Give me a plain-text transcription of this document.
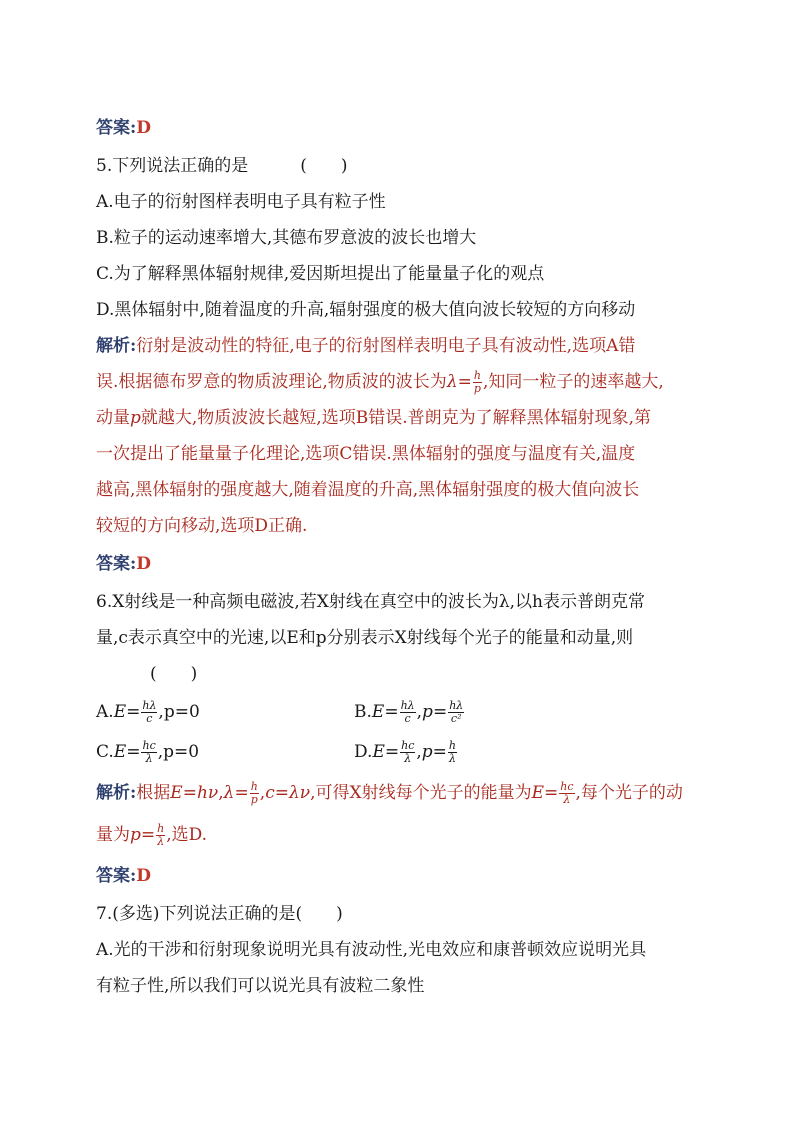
答案:D
5.下列说法正确的是	(　　)
A.电子的衍射图样表明电子具有粒子性
B.粒子的运动速率增大,其德布罗意波的波长也增大
C.为了解释黑体辐射规律,爱因斯坦提出了能量量子化的观点
D.黑体辐射中,随着温度的升高,辐射强度的极大值向波长较短的方向移动
解析:衍射是波动性的特征,电子的衍射图样表明电子具有波动性,选项A错
误.根据德布罗意的物质波理论,物质波的波长为$\lambda= \frac{h}{p}$ ,知同一粒子的速率越大,
动量p就越大,物质波波长越短,选项B错误.普朗克为了解释黑体辐射现象,第
一次提出了能量量子化理论,选项C错误.黑体辐射的强度与温度有关,温度
越高,黑体辐射的强度越大,随着温度的升高,黑体辐射强度的极大值向波长
较短的方向移动,选项D正确.
答案:D
6.X射线是一种高频电磁波,若X射线在真空中的波长为λ,以h表示普朗克常
量,c表示真空中的光速,以E和p分别表示X射线每个光子的能量和动量,则
(　　)
$A.E= \frac{h\lambda}{c} ,p=0$	$B.E= \frac{h\lambda}{c} ,p= \frac{h\lambda}{\text{c²}}$
$C.E= \frac{hc}{\lambda} ,p=0$	$D.E= \frac{hc}{\lambda} ,p= \frac{h}{\lambda}$
解析:根据$E=h\nu,\lambda= \frac{h}{p} ,c=\lambda\nu$,可得X射线每个光子的能量为$E= \frac{hc}{\lambda}$ ,每个光子的动
量为$p= \frac{h}{\lambda}$ ,选D.
答案:D
7.(多选)下列说法正确的是(　　)
A.光的干涉和衍射现象说明光具有波动性,光电效应和康普顿效应说明光具
有粒子性,所以我们可以说光具有波粒二象性
